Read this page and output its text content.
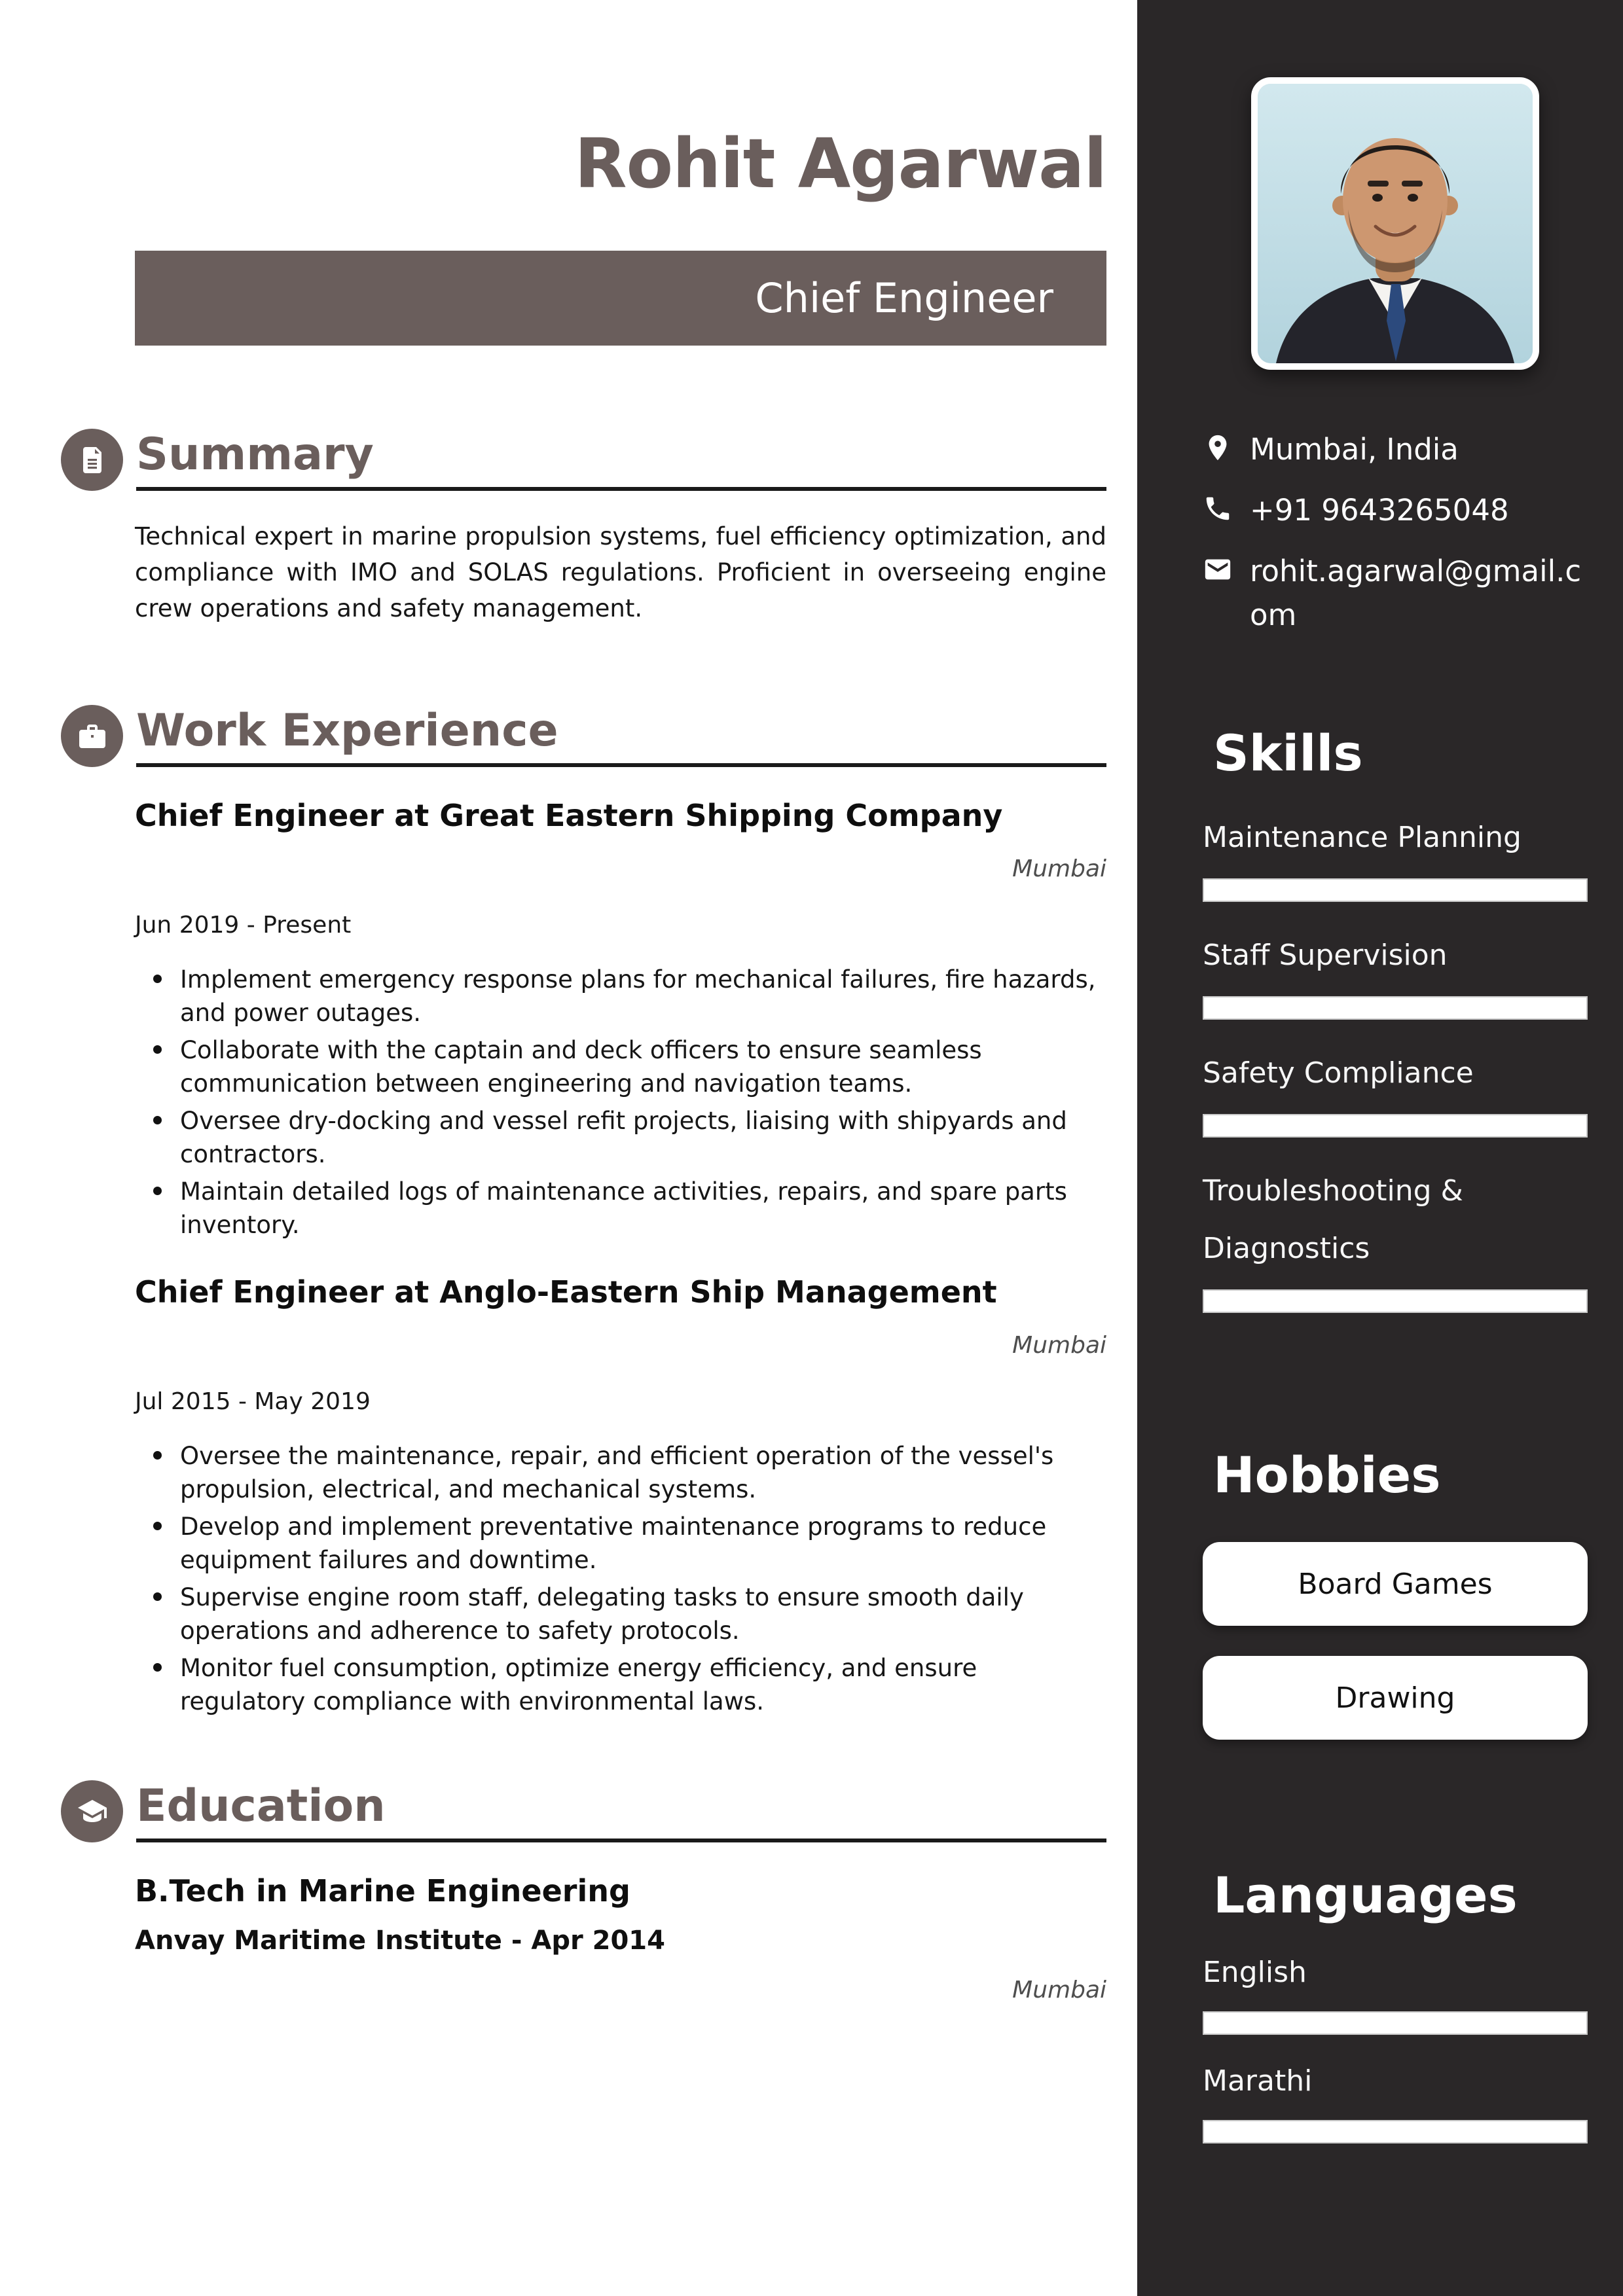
Rohit Agarwal
Chief Engineer
Summary

Technical expert in marine propulsion systems, fuel efficiency optimization, and compliance with IMO and SOLAS regulations. Proficient in overseeing engine crew operations and safety management.

Work Experience
Chief Engineer at Great Eastern Shipping Company
Mumbai
Jun 2019 - Present
Implement emergency response plans for mechanical failures, fire hazards, and power outages.
Collaborate with the captain and deck officers to ensure seamless communication between engineering and navigation teams.
Oversee dry-docking and vessel refit projects, liaising with shipyards and contractors.
Maintain detailed logs of maintenance activities, repairs, and spare parts inventory.
Chief Engineer at Anglo-Eastern Ship Management
Mumbai
Jul 2015 - May 2019
Oversee the maintenance, repair, and efficient operation of the vessel's propulsion, electrical, and mechanical systems.
Develop and implement preventative maintenance programs to reduce equipment failures and downtime.
Supervise engine room staff, delegating tasks to ensure smooth daily operations and adherence to safety protocols.
Monitor fuel consumption, optimize energy efficiency, and ensure regulatory compliance with environmental laws.
Education
B.Tech in Marine Engineering
Anvay Maritime Institute - Apr 2014
Mumbai
Mumbai, India
+91 9643265048
rohit.agarwal@gmail.com
Skills
Maintenance Planning
Staff Supervision
Safety Compliance
Troubleshooting & Diagnostics
Hobbies
Board Games
Drawing
Languages
English
Marathi
